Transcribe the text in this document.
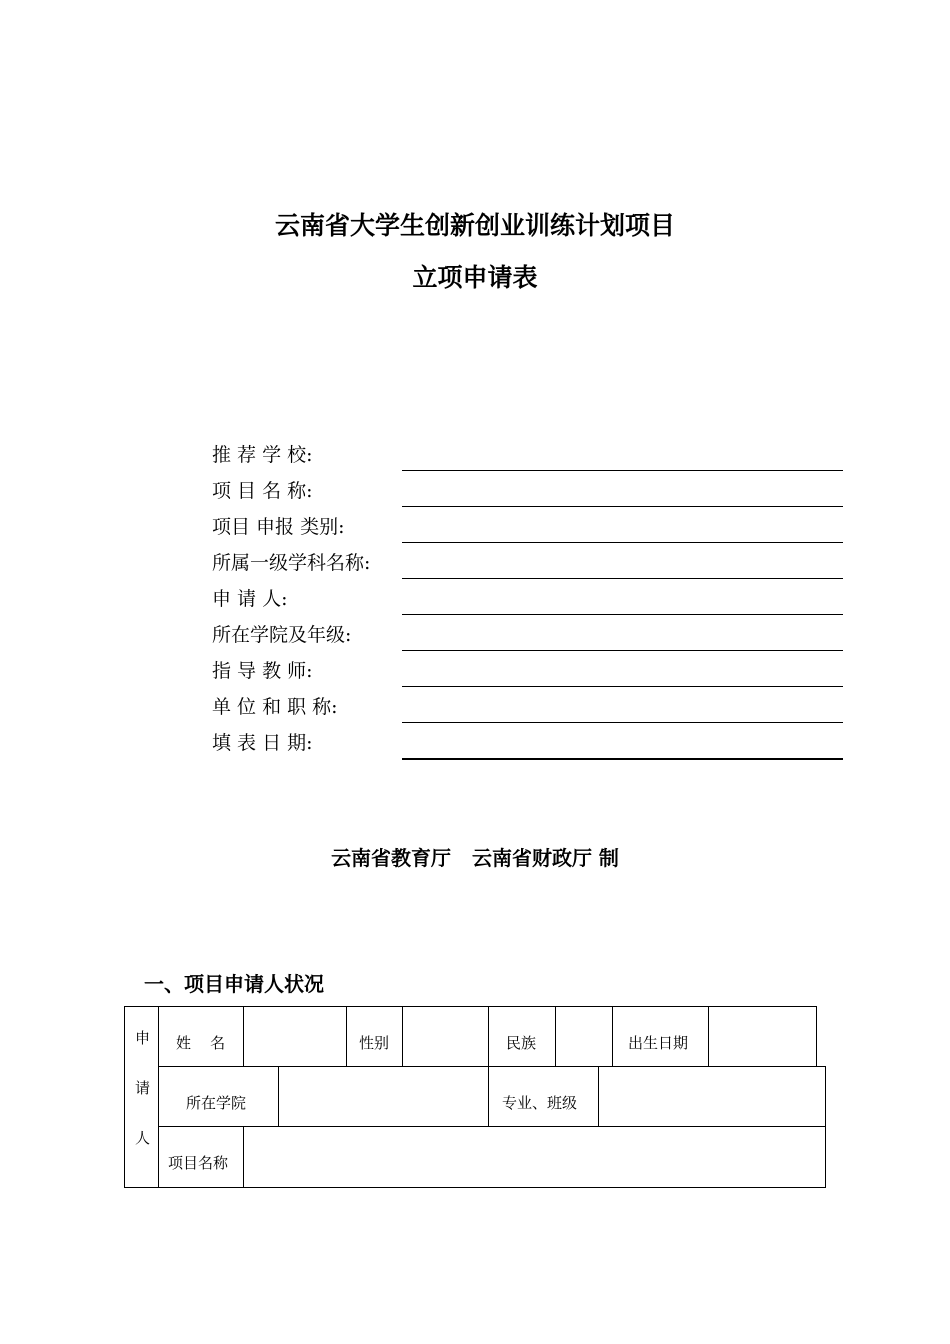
云南省大学生创新创业训练计划项目
立项申请表
推 荐 学 校:
项 目 名 称:
项目 申报 类别:
所属一级学科名称:
申 请 人:
所在学院及年级:
指 导 教 师:
单 位 和 职 称:
填 表 日 期:
云南省教育厅   云南省财政厅 制
一、项目申请人状况
申
请
人
姓    名	性别	民族	出生日期
所在学院	专业、班级
项目名称
